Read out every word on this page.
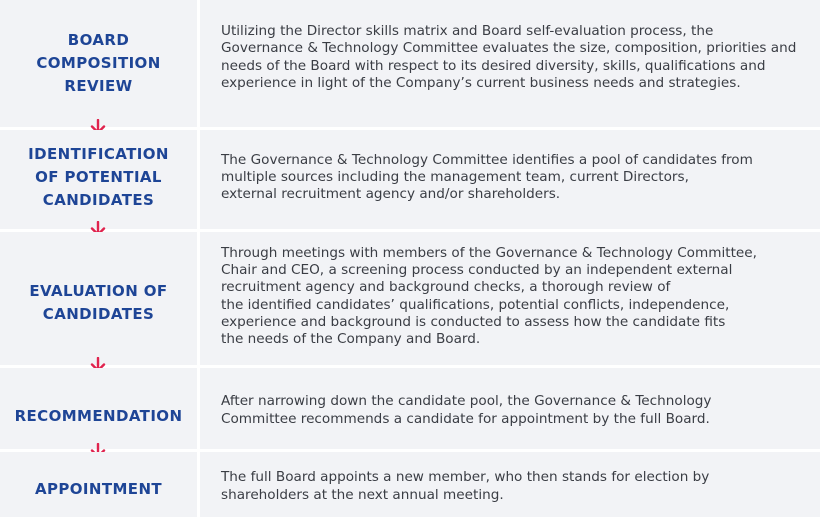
BOARD
COMPOSITION
REVIEW
Utilizing the Director skills matrix and Board self-evaluation process, the
Governance & Technology Committee evaluates the size, composition, priorities and
needs of the Board with respect to its desired diversity, skills, qualifications and
experience in light of the Company’s current business needs and strategies.
IDENTIFICATION
OF POTENTIAL
CANDIDATES
The Governance & Technology Committee identifies a pool of candidates from
multiple sources including the management team, current Directors,
external recruitment agency and/or shareholders.
EVALUATION OF
CANDIDATES
Through meetings with members of the Governance & Technology Committee,
Chair and CEO, a screening process conducted by an independent external
recruitment agency and background checks, a thorough review of
the identified candidates’ qualifications, potential conflicts, independence,
experience and background is conducted to assess how the candidate fits
the needs of the Company and Board.
RECOMMENDATION
After narrowing down the candidate pool, the Governance & Technology
Committee recommends a candidate for appointment by the full Board.
APPOINTMENT
The full Board appoints a new member, who then stands for election by
shareholders at the next annual meeting.
